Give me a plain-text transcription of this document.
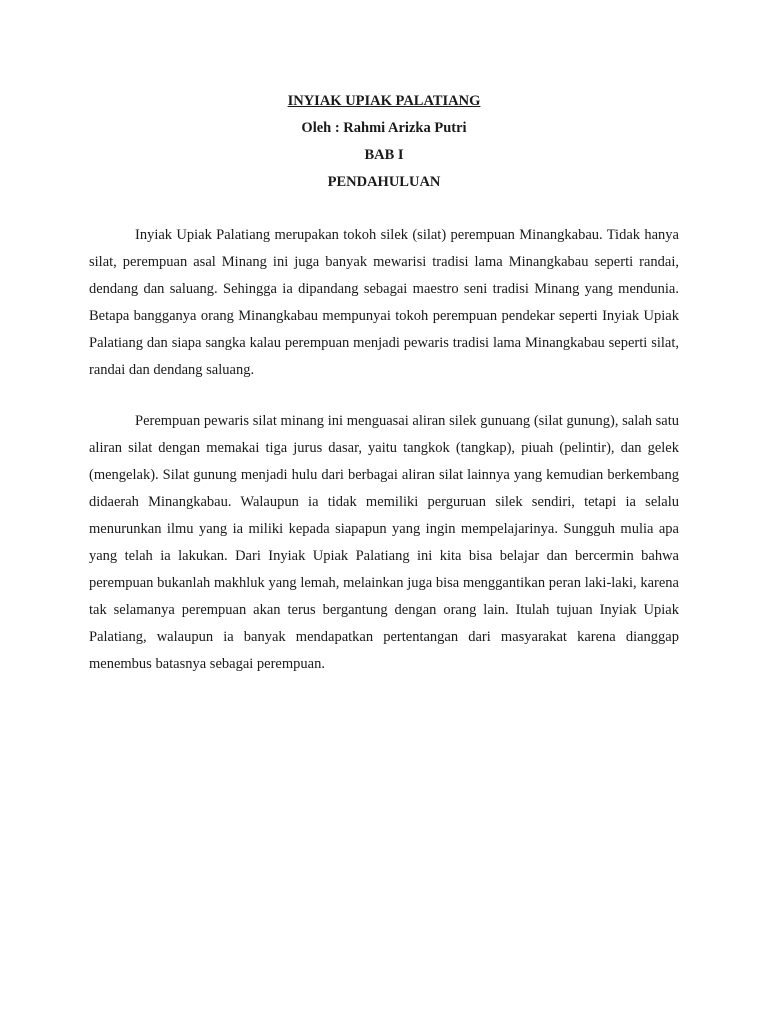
INYIAK UPIAK PALATIANG

Oleh : Rahmi Arizka Putri

BAB I

PENDAHULUAN

Inyiak Upiak Palatiang merupakan tokoh silek (silat) perempuan Minangkabau. Tidak hanya silat, perempuan asal Minang ini juga banyak mewarisi tradisi lama Minangkabau seperti randai, dendang dan saluang. Sehingga ia dipandang sebagai maestro seni tradisi Minang yang mendunia. Betapa bangganya orang Minangkabau mempunyai tokoh perempuan pendekar seperti Inyiak Upiak Palatiang dan siapa sangka kalau perempuan menjadi pewaris tradisi lama Minangkabau seperti silat, randai dan dendang saluang.

Perempuan pewaris silat minang ini menguasai aliran silek gunuang (silat gunung), salah satu aliran silat dengan memakai tiga jurus dasar, yaitu tangkok (tangkap), piuah (pelintir), dan gelek (mengelak). Silat gunung menjadi hulu dari berbagai aliran silat lainnya yang kemudian berkembang didaerah Minangkabau. Walaupun ia tidak memiliki perguruan silek sendiri, tetapi ia selalu menurunkan ilmu yang ia miliki kepada siapapun yang ingin mempelajarinya. Sungguh mulia apa yang telah ia lakukan. Dari Inyiak Upiak Palatiang ini kita bisa belajar dan bercermin bahwa perempuan bukanlah makhluk yang lemah, melainkan juga bisa menggantikan peran laki-laki, karena tak selamanya perempuan akan terus bergantung dengan orang lain. Itulah tujuan Inyiak Upiak Palatiang, walaupun ia banyak mendapatkan pertentangan dari masyarakat karena dianggap menembus batasnya sebagai perempuan.
